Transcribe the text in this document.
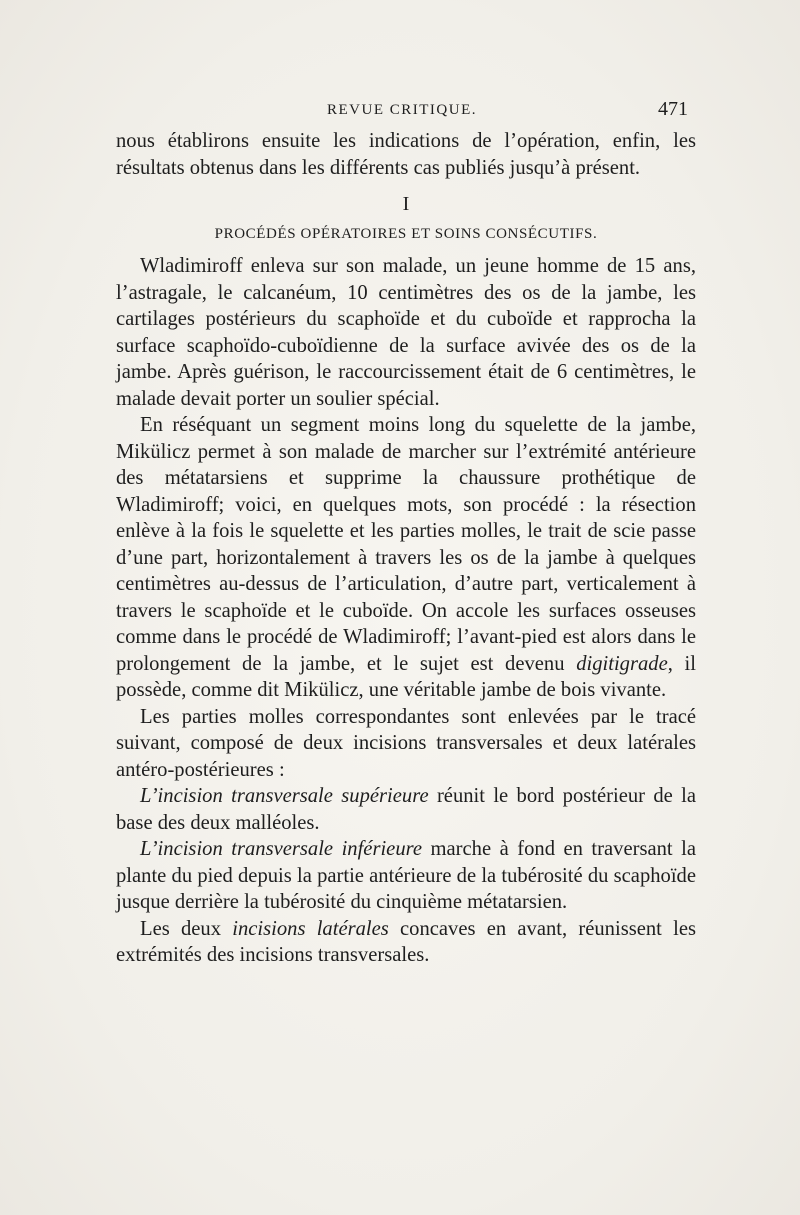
REVUE CRITIQUE.	471

nous établirons ensuite les indications de l’opération, enfin, les résultats obtenus dans les différents cas publiés jusqu’à présent.

I
PROCÉDÉS OPÉRATOIRES ET SOINS CONSÉCUTIFS.

Wladimiroff enleva sur son malade, un jeune homme de 15 ans, l’astragale, le calcanéum, 10 centimètres des os de la jambe, les cartilages postérieurs du scaphoïde et du cuboïde et rapprocha la surface scaphoïdo-cuboïdienne de la surface avivée des os de la jambe. Après guérison, le raccourcissement était de 6 centimètres, le malade devait porter un soulier spécial.

En réséquant un segment moins long du squelette de la jambe, Mikülicz permet à son malade de marcher sur l’extrémité antérieure des métatarsiens et supprime la chaussure prothétique de Wladimiroff; voici, en quelques mots, son procédé : la résection enlève à la fois le squelette et les parties molles, le trait de scie passe d’une part, horizontalement à travers les os de la jambe à quelques centimètres au-dessus de l’articulation, d’autre part, verticalement à travers le scaphoïde et le cuboïde. On accole les surfaces osseuses comme dans le procédé de Wladimiroff; l’avant-pied est alors dans le prolongement de la jambe, et le sujet est devenu digitigrade, il possède, comme dit Mikülicz, une véritable jambe de bois vivante.

Les parties molles correspondantes sont enlevées par le tracé suivant, composé de deux incisions transversales et deux latérales antéro-postérieures :

L’incision transversale supérieure réunit le bord postérieur de la base des deux malléoles.

L’incision transversale inférieure marche à fond en traversant la plante du pied depuis la partie antérieure de la tubérosité du scaphoïde jusque derrière la tubérosité du cinquième métatarsien.

Les deux incisions latérales concaves en avant, réunissent les extrémités des incisions transversales.
